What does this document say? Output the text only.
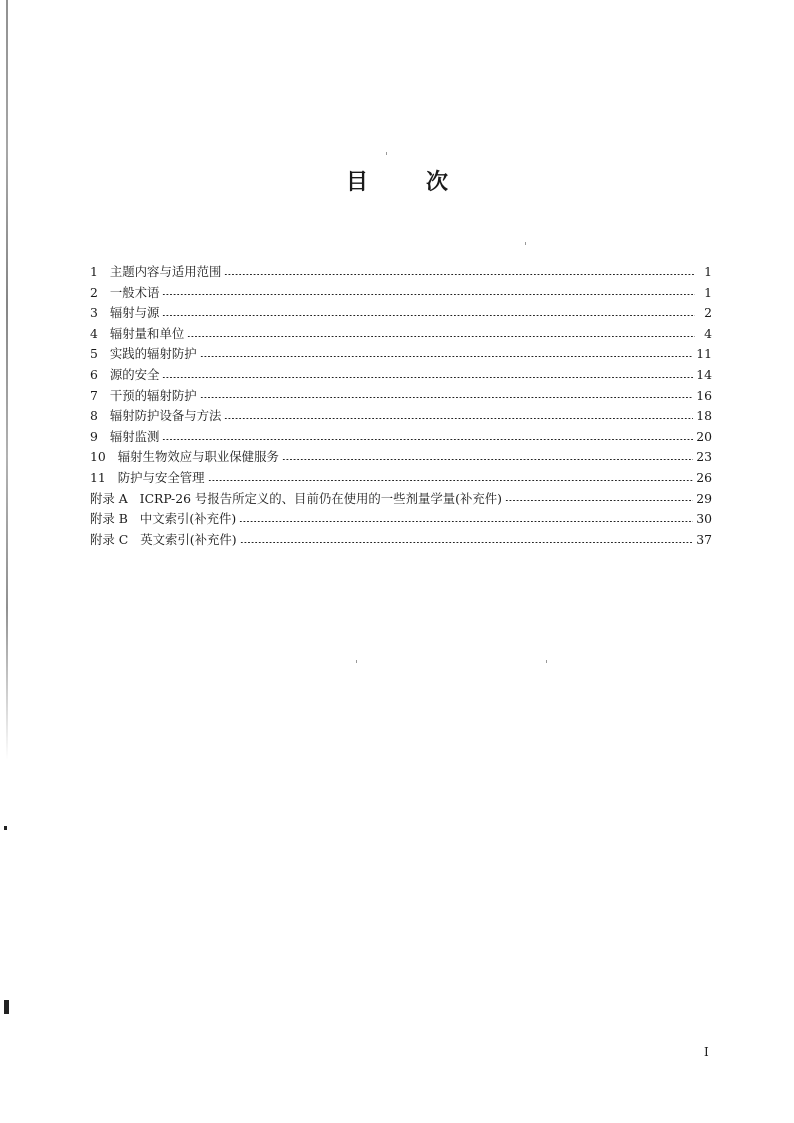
目	次
1 主题内容与适用范围	1
2 一般术语	1
3 辐射与源	2
4 辐射量和单位	4
5 实践的辐射防护	11
6 源的安全	14
7 干预的辐射防护	16
8 辐射防护设备与方法	18
9 辐射监测	20
10 辐射生物效应与职业保健服务	23
11 防护与安全管理	26
附录 A ICRP-26 号报告所定义的、目前仍在使用的一些剂量学量(补充件)	29
附录 B 中文索引(补充件)	30
附录 C 英文索引(补充件)	37
I
